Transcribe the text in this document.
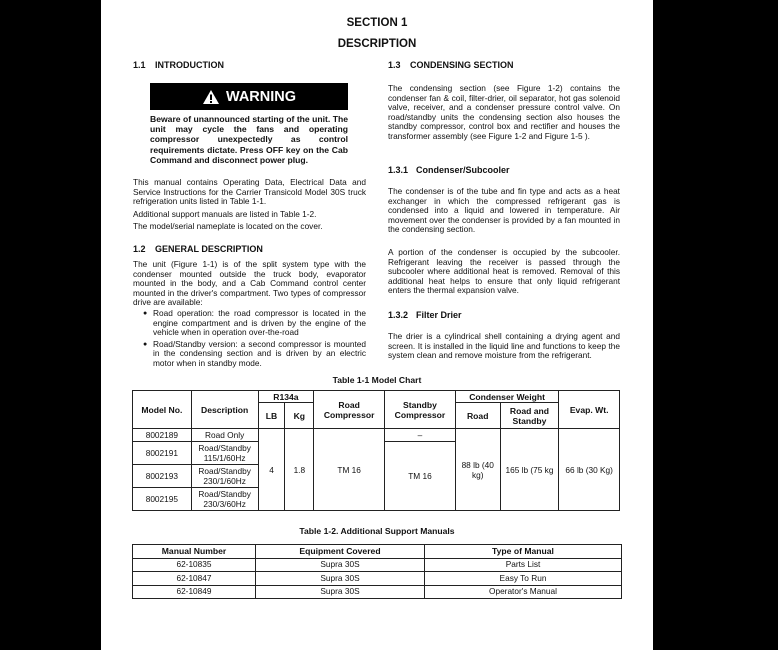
SECTION 1
DESCRIPTION
1.1 INTRODUCTION
WARNING
Beware of unannounced starting of the unit. The unit may cycle the fans and operating compressor unexpectedly as control requirements dictate. Press OFF key on the Cab Command and disconnect power plug.
This manual contains Operating Data, Electrical Data and Service Instructions for the Carrier Transicold Model 30S truck refrigeration units listed in Table 1-1.
Additional support manuals are listed in Table 1-2.
The model/serial nameplate is located on the cover.
1.2 GENERAL DESCRIPTION
The unit (Figure 1-1) is of the split system type with the condenser mounted outside the truck body, evaporator mounted in the body, and a Cab Command control center mounted in the driver's compartment. Two types of compressor drive are available:
● Road operation: the road compressor is located in the engine compartment and is driven by the engine of the vehicle when in operation over-the-road
● Road/Standby version: a second compressor is mounted in the condensing section and is driven by an electric motor when in standby mode.
1.3 CONDENSING SECTION
The condensing section (see Figure 1-2) contains the condenser fan & coil, filter-drier, oil separator, hot gas solenoid valve, receiver, and a condenser pressure control valve. On road/standby units the condensing section also houses the standby compressor, control box and rectifier and houses the transformer assembly (see Figure 1-2 and Figure 1-5 ).
1.3.1 Condenser/Subcooler
The condenser is of the tube and fin type and acts as a heat exchanger in which the compressed refrigerant gas is condensed into a liquid and lowered in temperature. Air movement over the condenser is provided by a fan mounted in the condensing section.
A portion of the condenser is occupied by the subcooler. Refrigerant leaving the receiver is passed through the subcooler where additional heat is removed. Removal of this additional heat helps to ensure that only liquid refrigerant enters the thermal expansion valve.
1.3.2 Filter Drier
The drier is a cylindrical shell containing a drying agent and screen. It is installed in the liquid line and functions to keep the system clean and remove moisture from the refrigerant.
Table 1-1 Model Chart
Model No.	Description	R134a		Road Compressor	Standby Compressor	Condenser Weight		Evap. Wt.
		LB	Kg			Road	Road and Standby	
8002189	Road Only	4	1.8	TM 16	–	88 lb (40 kg)	165 lb (75 kg	66 lb (30 Kg)
8002191	Road/Standby 115/1/60Hz				TM 16			
8002193	Road/Standby 230/1/60Hz							
8002195	Road/Standby 230/3/60Hz							
Table 1-2. Additional Support Manuals
Manual Number	Equipment Covered	Type of Manual
62-10835	Supra 30S	Parts List
62-10847	Supra 30S	Easy To Run
62-10849	Supra 30S	Operator's Manual
